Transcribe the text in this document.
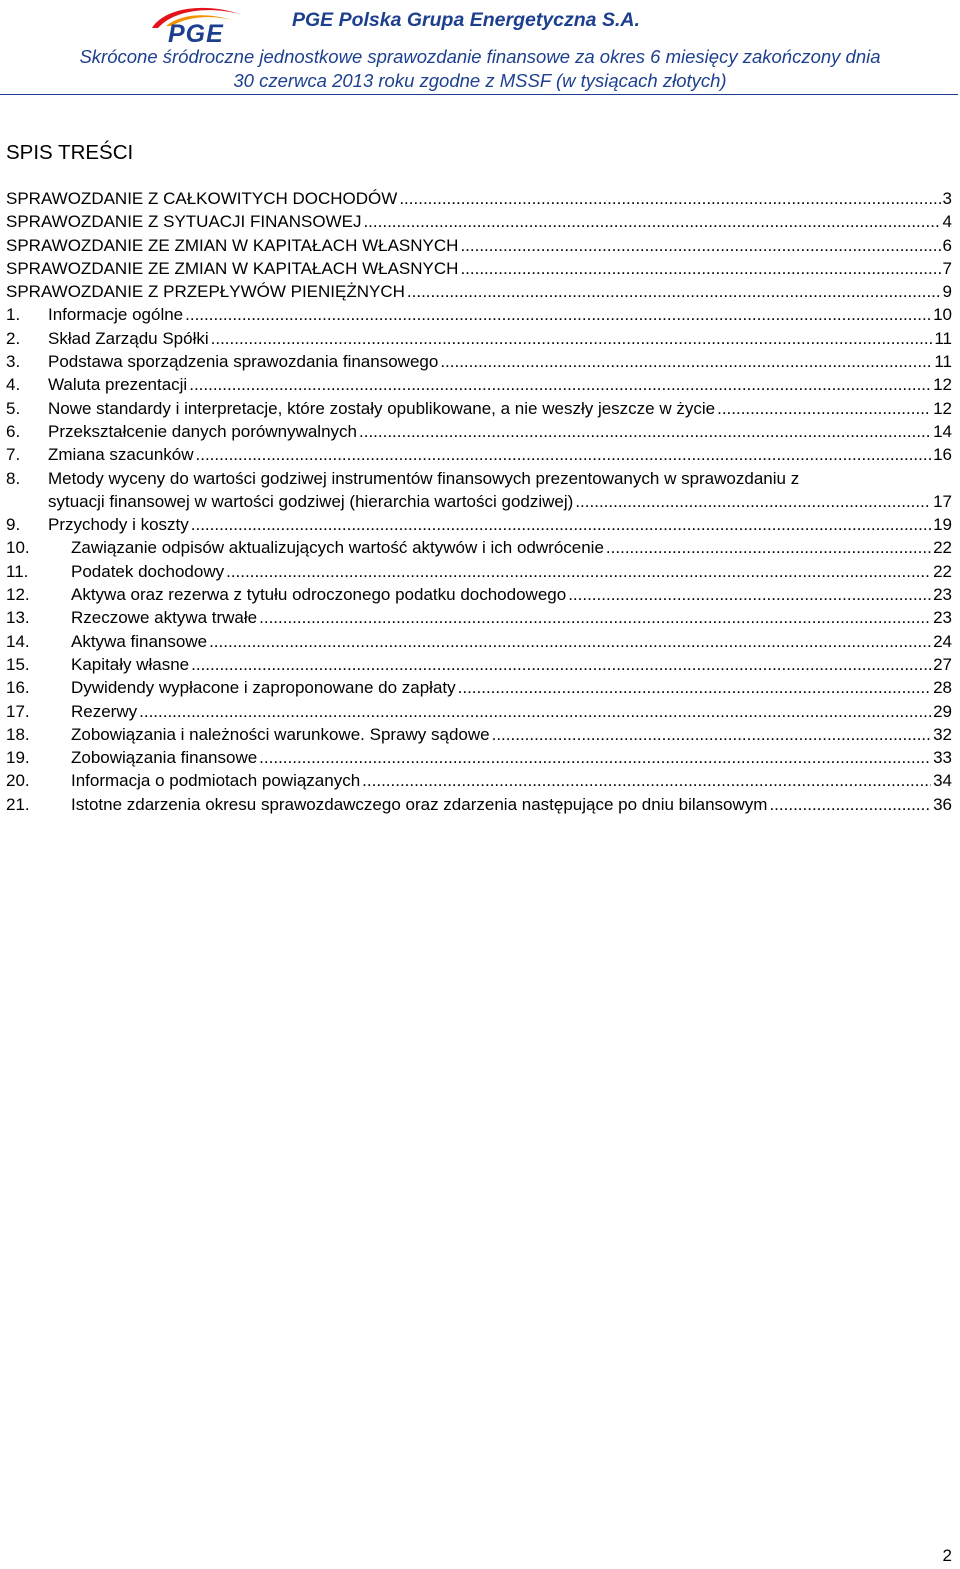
PGE	PGE Polska Grupa Energetyczna S.A.
Skrócone śródroczne jednostkowe sprawozdanie finansowe za okres 6 miesięcy zakończony dnia
30 czerwca 2013 roku zgodne z MSSF (w tysiącach złotych)
SPIS TREŚCI
SPRAWOZDANIE Z CAŁKOWITYCH DOCHODÓW .....	3
SPRAWOZDANIE Z SYTUACJI FINANSOWEJ .....	4
SPRAWOZDANIE ZE ZMIAN W KAPITAŁACH WŁASNYCH .....	6
SPRAWOZDANIE ZE ZMIAN W KAPITAŁACH WŁASNYCH .....	7
SPRAWOZDANIE Z PRZEPŁYWÓW PIENIĘŻNYCH .....	9
1.	Informacje ogólne .....	10
2.	Skład Zarządu Spółki .....	11
3.	Podstawa sporządzenia sprawozdania finansowego .....	11
4.	Waluta prezentacji .....	12
5.	Nowe standardy i interpretacje, które zostały opublikowane, a nie weszły jeszcze w życie .....	12
6.	Przekształcenie danych porównywalnych .....	14
7.	Zmiana szacunków .....	16
8.	Metody wyceny do wartości godziwej instrumentów finansowych prezentowanych w sprawozdaniu z
sytuacji finansowej w wartości godziwej (hierarchia wartości godziwej) .....	17
9.	Przychody i koszty .....	19
10.	Zawiązanie odpisów aktualizujących wartość aktywów i ich odwrócenie .....	22
11.	Podatek dochodowy .....	22
12.	Aktywa oraz rezerwa z tytułu odroczonego podatku dochodowego .....	23
13.	Rzeczowe aktywa trwałe .....	23
14.	Aktywa finansowe .....	24
15.	Kapitały własne .....	27
16.	Dywidendy wypłacone i zaproponowane do zapłaty .....	28
17.	Rezerwy .....	29
18.	Zobowiązania i należności warunkowe. Sprawy sądowe .....	32
19.	Zobowiązania finansowe .....	33
20.	Informacja o podmiotach powiązanych .....	34
21.	Istotne zdarzenia okresu sprawozdawczego oraz zdarzenia następujące po dniu bilansowym .....	36
2
